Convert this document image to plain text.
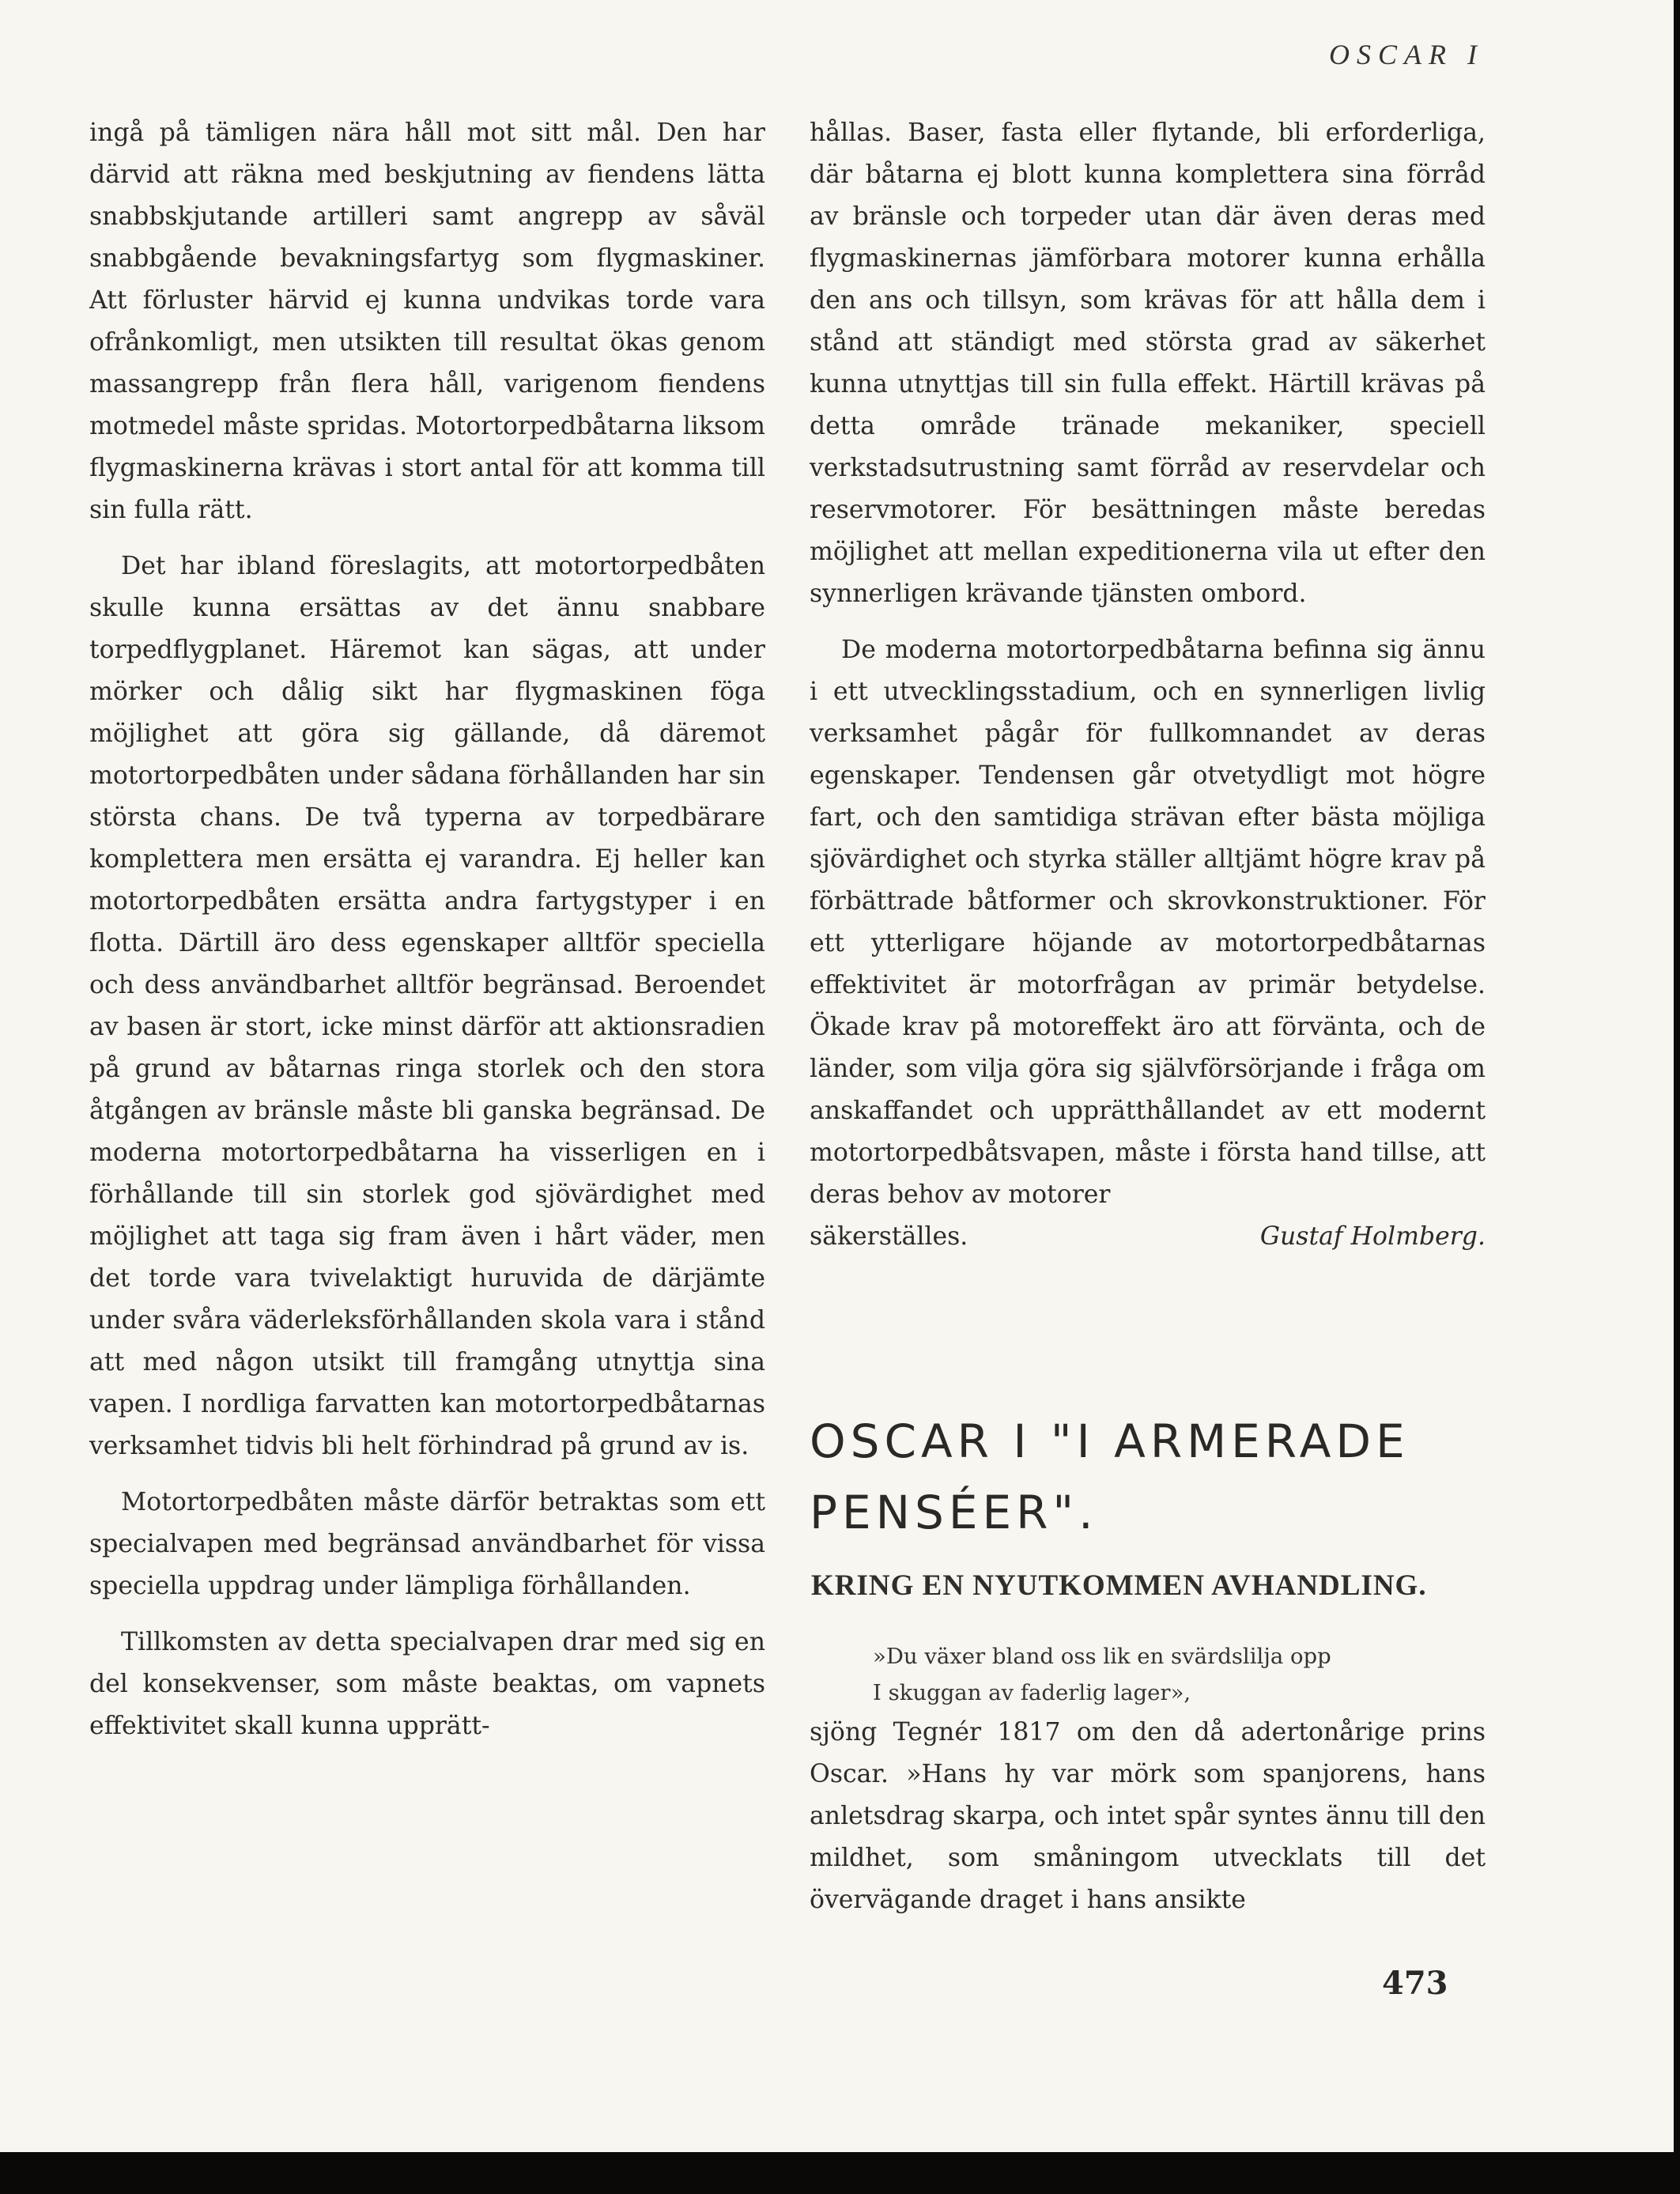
OSCAR I

ingå på tämligen nära håll mot sitt mål. Den har därvid att räkna med beskjutning av fiendens lätta snabbskjutande artilleri samt angrepp av såväl snabbgående bevakningsfartyg som flygmaskiner. Att förluster härvid ej kunna undvikas torde vara ofrånkomligt, men utsikten till resultat ökas genom massangrepp från flera håll, varigenom fiendens motmedel måste spridas. Motortorpedbåtarna liksom flygmaskinerna krävas i stort antal för att komma till sin fulla rätt.

Det har ibland föreslagits, att motortorpedbåten skulle kunna ersättas av det ännu snabbare torpedflygplanet. Häremot kan sägas, att under mörker och dålig sikt har flygmaskinen föga möjlighet att göra sig gällande, då däremot motortorpedbåten under sådana förhållanden har sin största chans. De två typerna av torpedbärare komplettera men ersätta ej varandra. Ej heller kan motortorpedbåten ersätta andra fartygstyper i en flotta. Därtill äro dess egenskaper alltför speciella och dess användbarhet alltför begränsad. Beroendet av basen är stort, icke minst därför att aktionsradien på grund av båtarnas ringa storlek och den stora åtgången av bränsle måste bli ganska begränsad. De moderna motortorpedbåtarna ha visserligen en i förhållande till sin storlek god sjövärdighet med möjlighet att taga sig fram även i hårt väder, men det torde vara tvivelaktigt huruvida de därjämte under svåra väderleksförhållanden skola vara i stånd att med någon utsikt till framgång utnyttja sina vapen. I nordliga farvatten kan motortorpedbåtarnas verksamhet tidvis bli helt förhindrad på grund av is.

Motortorpedbåten måste därför betraktas som ett specialvapen med begränsad användbarhet för vissa speciella uppdrag under lämpliga förhållanden.

Tillkomsten av detta specialvapen drar med sig en del konsekvenser, som måste beaktas, om vapnets effektivitet skall kunna upprätt-

hållas. Baser, fasta eller flytande, bli erforderliga, där båtarna ej blott kunna komplettera sina förråd av bränsle och torpeder utan där även deras med flygmaskinernas jämförbara motorer kunna erhålla den ans och tillsyn, som krävas för att hålla dem i stånd att ständigt med största grad av säkerhet kunna utnyttjas till sin fulla effekt. Härtill krävas på detta område tränade mekaniker, speciell verkstadsutrustning samt förråd av reservdelar och reservmotorer. För besättningen måste beredas möjlighet att mellan expeditionerna vila ut efter den synnerligen krävande tjänsten ombord.

De moderna motortorpedbåtarna befinna sig ännu i ett utvecklingsstadium, och en synnerligen livlig verksamhet pågår för fullkomnandet av deras egenskaper. Tendensen går otvetydligt mot högre fart, och den samtidiga strävan efter bästa möjliga sjövärdighet och styrka ställer alltjämt högre krav på förbättrade båtformer och skrovkonstruktioner. För ett ytterligare höjande av motortorpedbåtarnas effektivitet är motorfrågan av primär betydelse. Ökade krav på motoreffekt äro att förvänta, och de länder, som vilja göra sig självförsörjande i fråga om anskaffandet och upprätthållandet av ett modernt motortorpedbåtsvapen, måste i första hand tillse, att deras behov av motorer

säkerställes.	Gustaf Holmberg.
OSCAR I "I ARMERADE PENSÉER".
KRING EN NYUTKOMMEN AVHANDLING.
»Du växer bland oss lik en svärdslilja opp
I skuggan av faderlig lager»,

sjöng Tegnér 1817 om den då adertonårige prins Oscar. »Hans hy var mörk som spanjorens, hans anletsdrag skarpa, och intet spår syntes ännu till den mildhet, som småningom utvecklats till det övervägande draget i hans ansikte

473
